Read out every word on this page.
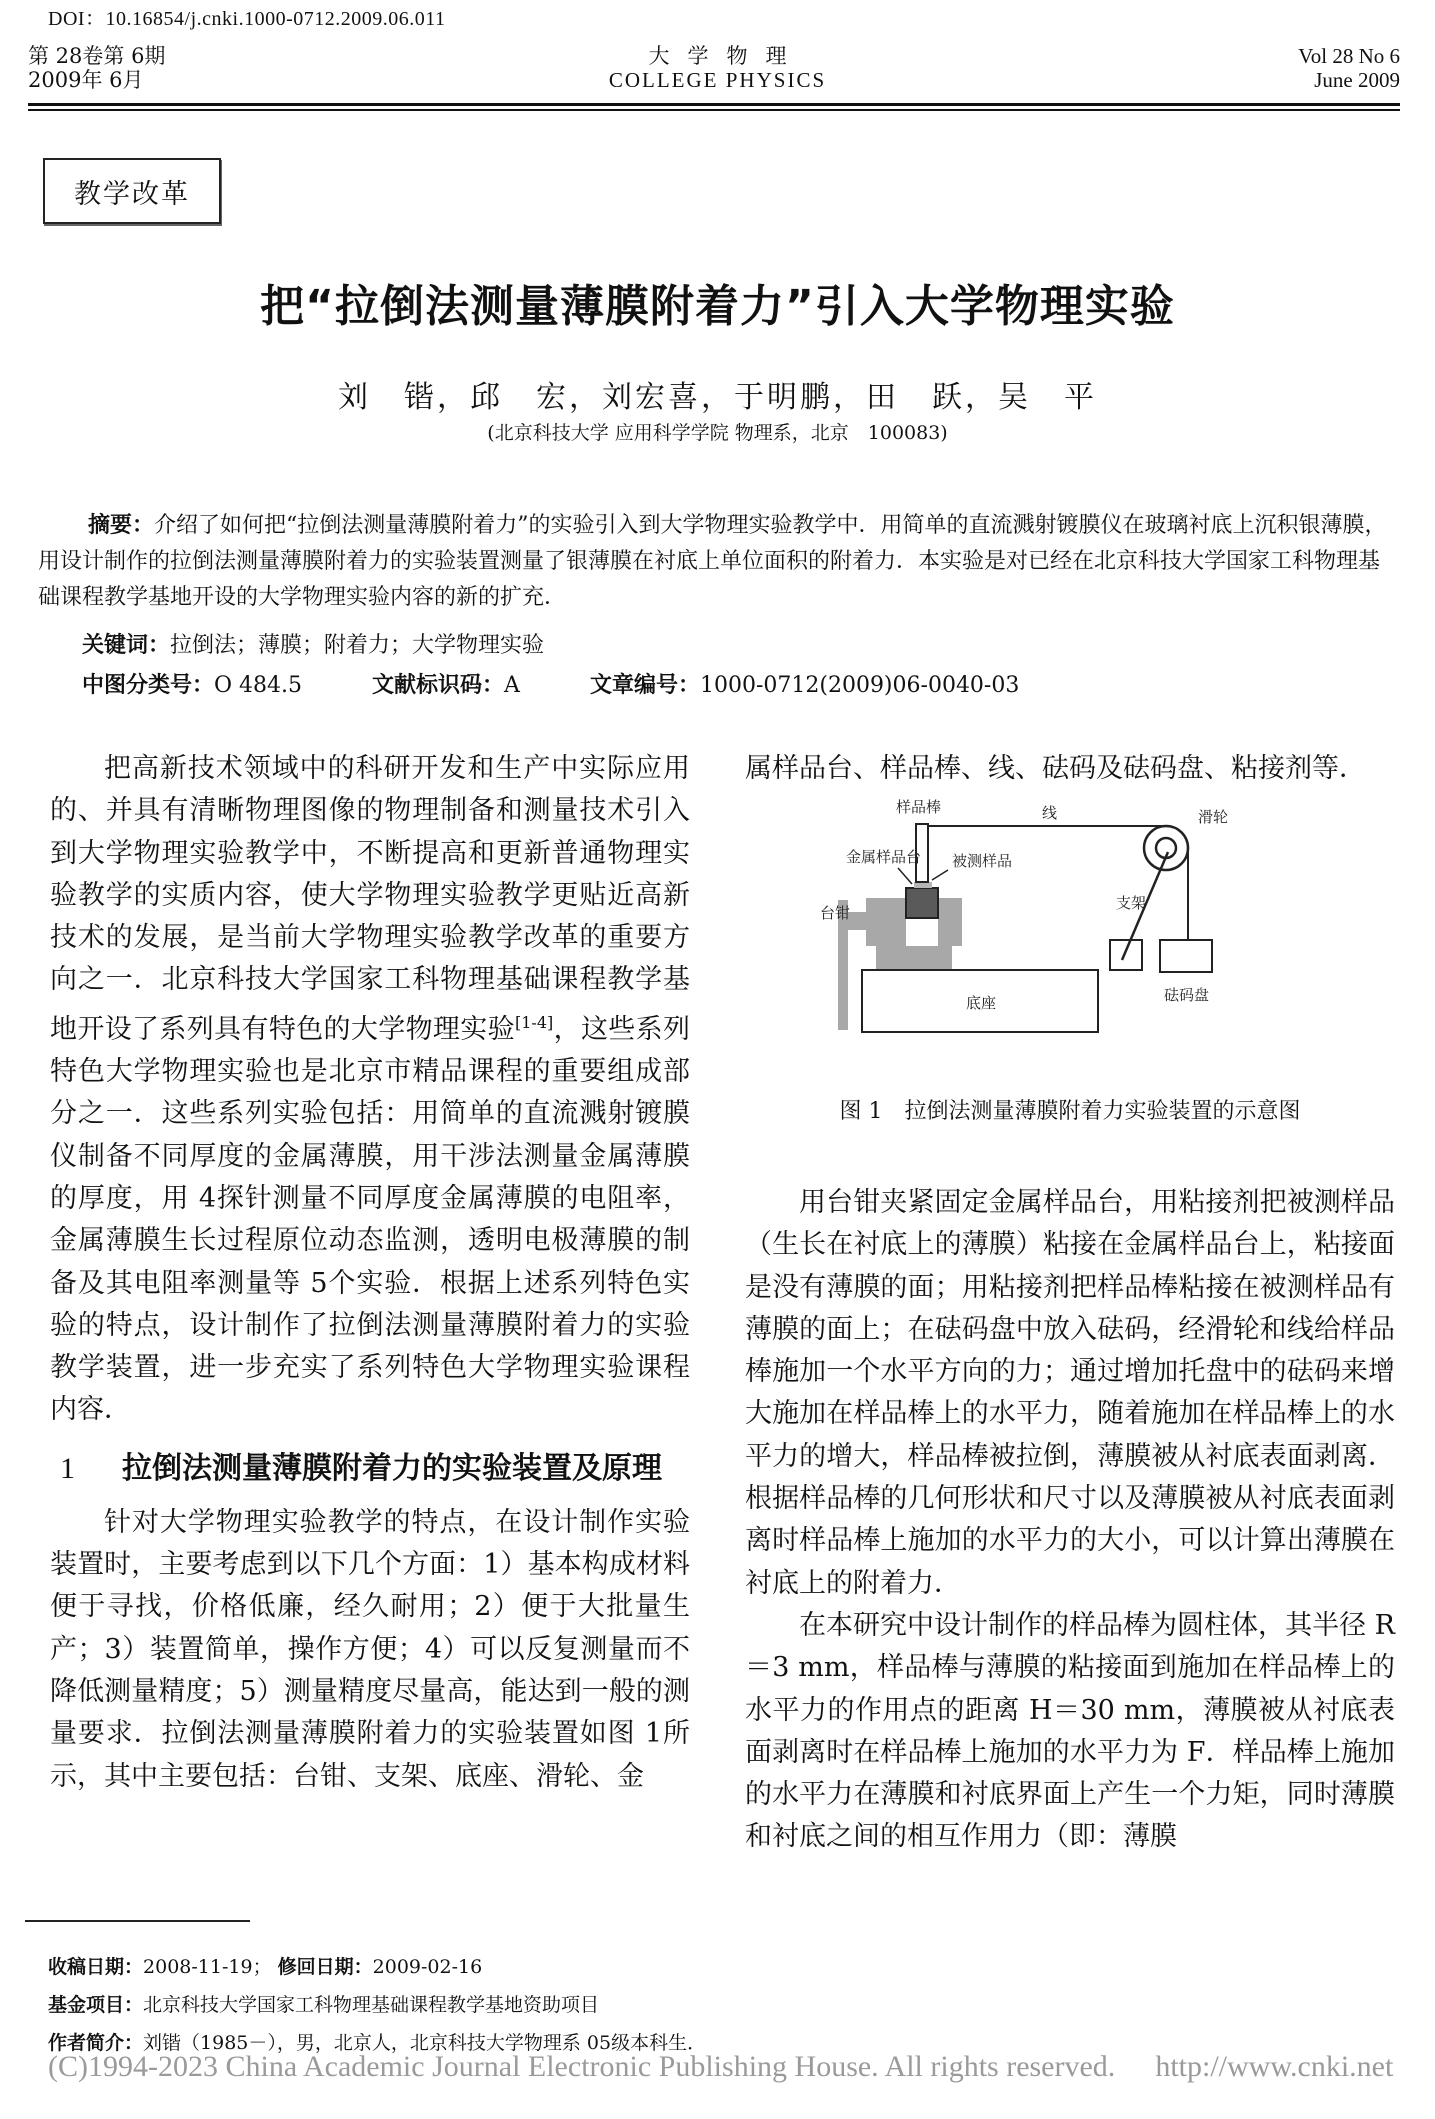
DOI：10.16854/j.cnki.1000-0712.2009.06.011
第 28卷第 6期
2009年 6月
大学物理
COLLEGE PHYSICS
Vol 28 No 6
June 2009
教学改革
把“拉倒法测量薄膜附着力”引入大学物理实验
刘　锴，邱　宏，刘宏喜，于明鹏，田　跃，吴　平
(北京科技大学 应用科学学院 物理系，北京　100083)
摘要：介绍了如何把“拉倒法测量薄膜附着力”的实验引入到大学物理实验教学中．用简单的直流溅射镀膜仪在玻璃衬底上沉积银薄膜，用设计制作的拉倒法测量薄膜附着力的实验装置测量了银薄膜在衬底上单位面积的附着力．本实验是对已经在北京科技大学国家工科物理基础课程教学基地开设的大学物理实验内容的新的扩充．
关键词：拉倒法；薄膜；附着力；大学物理实验
中图分类号：O 484.5	文献标识码：A	文章编号：1000-0712(2009)06-0040-03

把高新技术领域中的科研开发和生产中实际应用的、并具有清晰物理图像的物理制备和测量技术引入到大学物理实验教学中，不断提高和更新普通物理实验教学的实质内容，使大学物理实验教学更贴近高新技术的发展，是当前大学物理实验教学改革的重要方向之一．北京科技大学国家工科物理基础课程教学基地开设了系列具有特色的大学物理实验[1-4]，这些系列特色大学物理实验也是北京市精品课程的重要组成部分之一．这些系列实验包括：用简单的直流溅射镀膜仪制备不同厚度的金属薄膜，用干涉法测量金属薄膜的厚度，用 4探针测量不同厚度金属薄膜的电阻率，金属薄膜生长过程原位动态监测，透明电极薄膜的制备及其电阻率测量等 5个实验．根据上述系列特色实验的特点，设计制作了拉倒法测量薄膜附着力的实验教学装置，进一步充实了系列特色大学物理实验课程内容．

1	拉倒法测量薄膜附着力的实验装置及原理

针对大学物理实验教学的特点，在设计制作实验装置时，主要考虑到以下几个方面：1）基本构成材料便于寻找，价格低廉，经久耐用；2）便于大批量生产；3）装置简单，操作方便；4）可以反复测量而不降低测量精度；5）测量精度尽量高，能达到一般的测量要求．拉倒法测量薄膜附着力的实验装置如图 1所示，其中主要包括：台钳、支架、底座、滑轮、金

属样品台、样品棒、线、砝码及砝码盘、粘接剂等．

样品棒	线	滑轮
金属样品台 被测样品
台钳
支架
底座	砝码盘
图 1　拉倒法测量薄膜附着力实验装置的示意图

用台钳夹紧固定金属样品台，用粘接剂把被测样品（生长在衬底上的薄膜）粘接在金属样品台上，粘接面是没有薄膜的面；用粘接剂把样品棒粘接在被测样品有薄膜的面上；在砝码盘中放入砝码，经滑轮和线给样品棒施加一个水平方向的力；通过增加托盘中的砝码来增大施加在样品棒上的水平力，随着施加在样品棒上的水平力的增大，样品棒被拉倒，薄膜被从衬底表面剥离．根据样品棒的几何形状和尺寸以及薄膜被从衬底表面剥离时样品棒上施加的水平力的大小，可以计算出薄膜在衬底上的附着力．

在本研究中设计制作的样品棒为圆柱体，其半径 R＝3 mm，样品棒与薄膜的粘接面到施加在样品棒上的水平力的作用点的距离 H＝30 mm，薄膜被从衬底表面剥离时在样品棒上施加的水平力为 F．样品棒上施加的水平力在薄膜和衬底界面上产生一个力矩，同时薄膜和衬底之间的相互作用力（即：薄膜

收稿日期：2008-11-19； 修回日期：2009-02-16
基金项目：北京科技大学国家工科物理基础课程教学基地资助项目
作者简介：刘锴（1985－），男，北京人，北京科技大学物理系 05级本科生．
(C)1994-2023 China Academic Journal Electronic Publishing House. All rights reserved. http://www.cnki.net
